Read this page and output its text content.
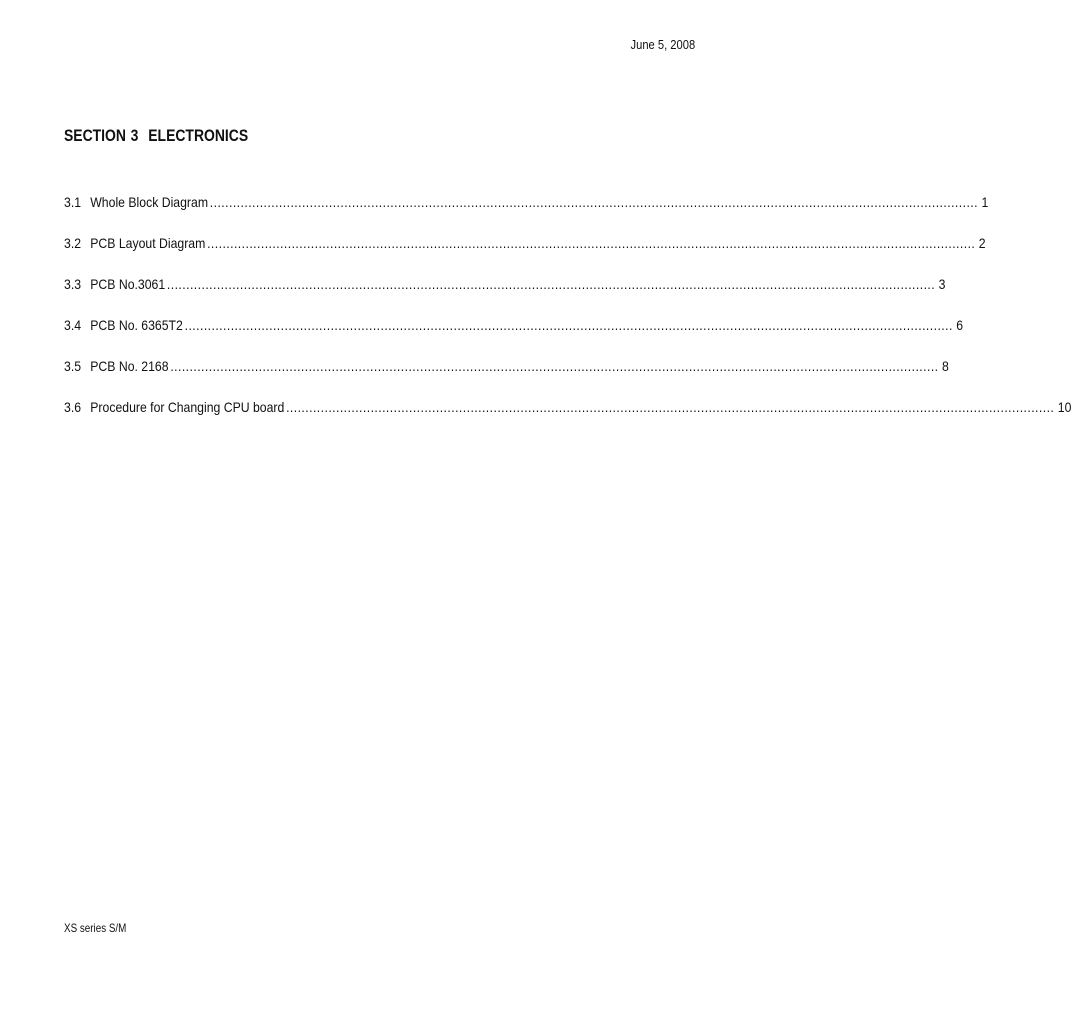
June 5, 2008
SECTION 3 ELECTRONICS
3.1 Whole Block Diagram ........................................................................................................................................................................................................ 1
3.2 PCB Layout Diagram ........................................................................................................................................................................................................ 2
3.3 PCB No.3061 ........................................................................................................................................................................................................ 3
3.4 PCB No. 6365T2 ........................................................................................................................................................................................................ 6
3.5 PCB No. 2168 ........................................................................................................................................................................................................ 8
3.6 Procedure for Changing CPU board ........................................................................................................................................................................................................ 10
XS series S/M
